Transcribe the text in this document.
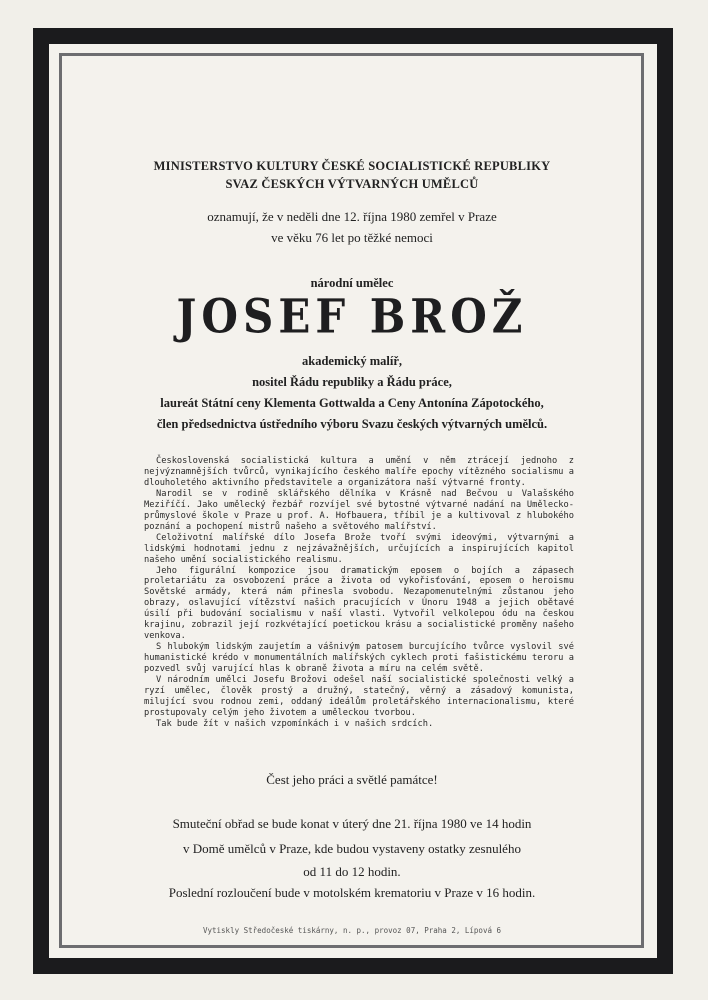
MINISTERSTVO KULTURY ČESKÉ SOCIALISTICKÉ REPUBLIKY
SVAZ ČESKÝCH VÝTVARNÝCH UMĚLCŮ
oznamují, že v neděli dne 12. října 1980 zemřel v Praze
ve věku 76 let po těžké nemoci
národní umělec
JOSEF BROŽ
akademický malíř,
nositel Řádu republiky a Řádu práce,
laureát Státní ceny Klementa Gottwalda a Ceny Antonína Zápotockého,
člen předsednictva ústředního výboru Svazu českých výtvarných umělců.

Československá socialistická kultura a umění v něm ztrácejí jednoho z nejvýznamnějších tvůrců, vynikajícího českého malíře epochy vítězného socialismu a dlouholetého aktivního představitele a organizátora naší výtvarné fronty.

Narodil se v rodině sklářského dělníka v Krásně nad Bečvou u Valašského Meziříčí. Jako umělecký řezbář rozvíjel své bytostné výtvarné nadání na Umělecko-průmyslové škole v Praze u prof. A. Hofbauera, tříbil je a kultivoval z hlubokého poznání a pochopení mistrů našeho a světového malířství.

Celoživotní malířské dílo Josefa Brože tvoří svými ideovými, výtvarnými a lidskými hodnotami jednu z nejzávažnějších, určujících a inspirujících kapitol našeho umění socialistického realismu.

Jeho figurální kompozice jsou dramatickým eposem o bojích a zápasech proletariátu za osvobození práce a života od vykořisťování, eposem o heroismu Sovětské armády, která nám přinesla svobodu. Nezapomenutelnými zůstanou jeho obrazy, oslavující vítězství našich pracujících v Únoru 1948 a jejich obětavé úsilí při budování socialismu v naší vlasti. Vytvořil velkolepou ódu na českou krajinu, zobrazil její rozkvétající poetickou krásu a socialistické proměny našeho venkova.

S hlubokým lidským zaujetím a vášnivým patosem burcujícího tvůrce vyslovil své humanistické krédo v monumentálních malířských cyklech proti fašistickému teroru a pozvedl svůj varující hlas k obraně života a míru na celém světě.

V národním umělci Josefu Brožovi odešel naší socialistické společnosti velký a ryzí umělec, člověk prostý a družný, statečný, věrný a zásadový komunista, milující svou rodnou zemi, oddaný ideálům proletářského internacionalismu, které prostupovaly celým jeho životem a uměleckou tvorbou.

Tak bude žít v našich vzpomínkách i v našich srdcích.

Čest jeho práci a světlé památce!
Smuteční obřad se bude konat v úterý dne 21. října 1980 ve 14 hodin
v Domě umělců v Praze, kde budou vystaveny ostatky zesnulého
od 11 do 12 hodin.
Poslední rozloučení bude v motolském krematoriu v Praze v 16 hodin.
Vytiskly Středočeské tiskárny, n. p., provoz 07, Praha 2, Lípová 6
